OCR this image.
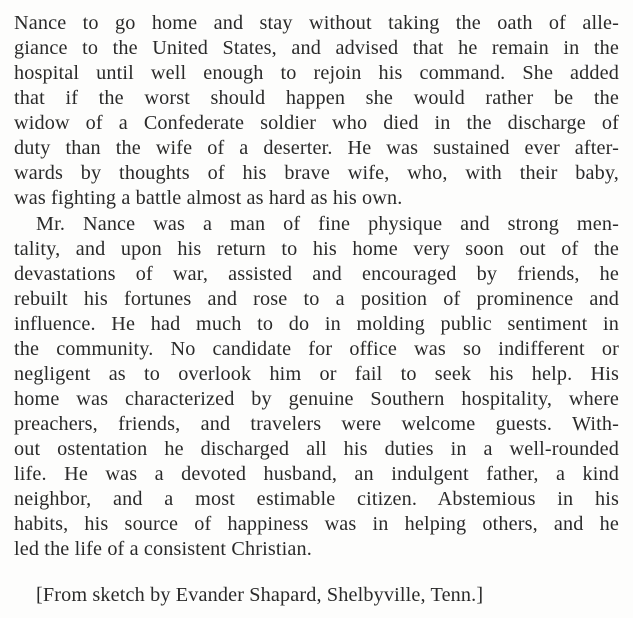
Nance to go home and stay without taking the oath of alle-
giance to the United States, and advised that he remain in the
hospital until well enough to rejoin his command. She added
that if the worst should happen she would rather be the
widow of a Confederate soldier who died in the discharge of
duty than the wife of a deserter. He was sustained ever after-
wards by thoughts of his brave wife, who, with their baby,
was fighting a battle almost as hard as his own.
Mr. Nance was a man of fine physique and strong men-
tality, and upon his return to his home very soon out of the
devastations of war, assisted and encouraged by friends, he
rebuilt his fortunes and rose to a position of prominence and
influence. He had much to do in molding public sentiment in
the community. No candidate for office was so indifferent or
negligent as to overlook him or fail to seek his help. His
home was characterized by genuine Southern hospitality, where
preachers, friends, and travelers were welcome guests. With-
out ostentation he discharged all his duties in a well-rounded
life. He was a devoted husband, an indulgent father, a kind
neighbor, and a most estimable citizen. Abstemious in his
habits, his source of happiness was in helping others, and he
led the life of a consistent Christian.
[From sketch by Evander Shapard, Shelbyville, Tenn.]
